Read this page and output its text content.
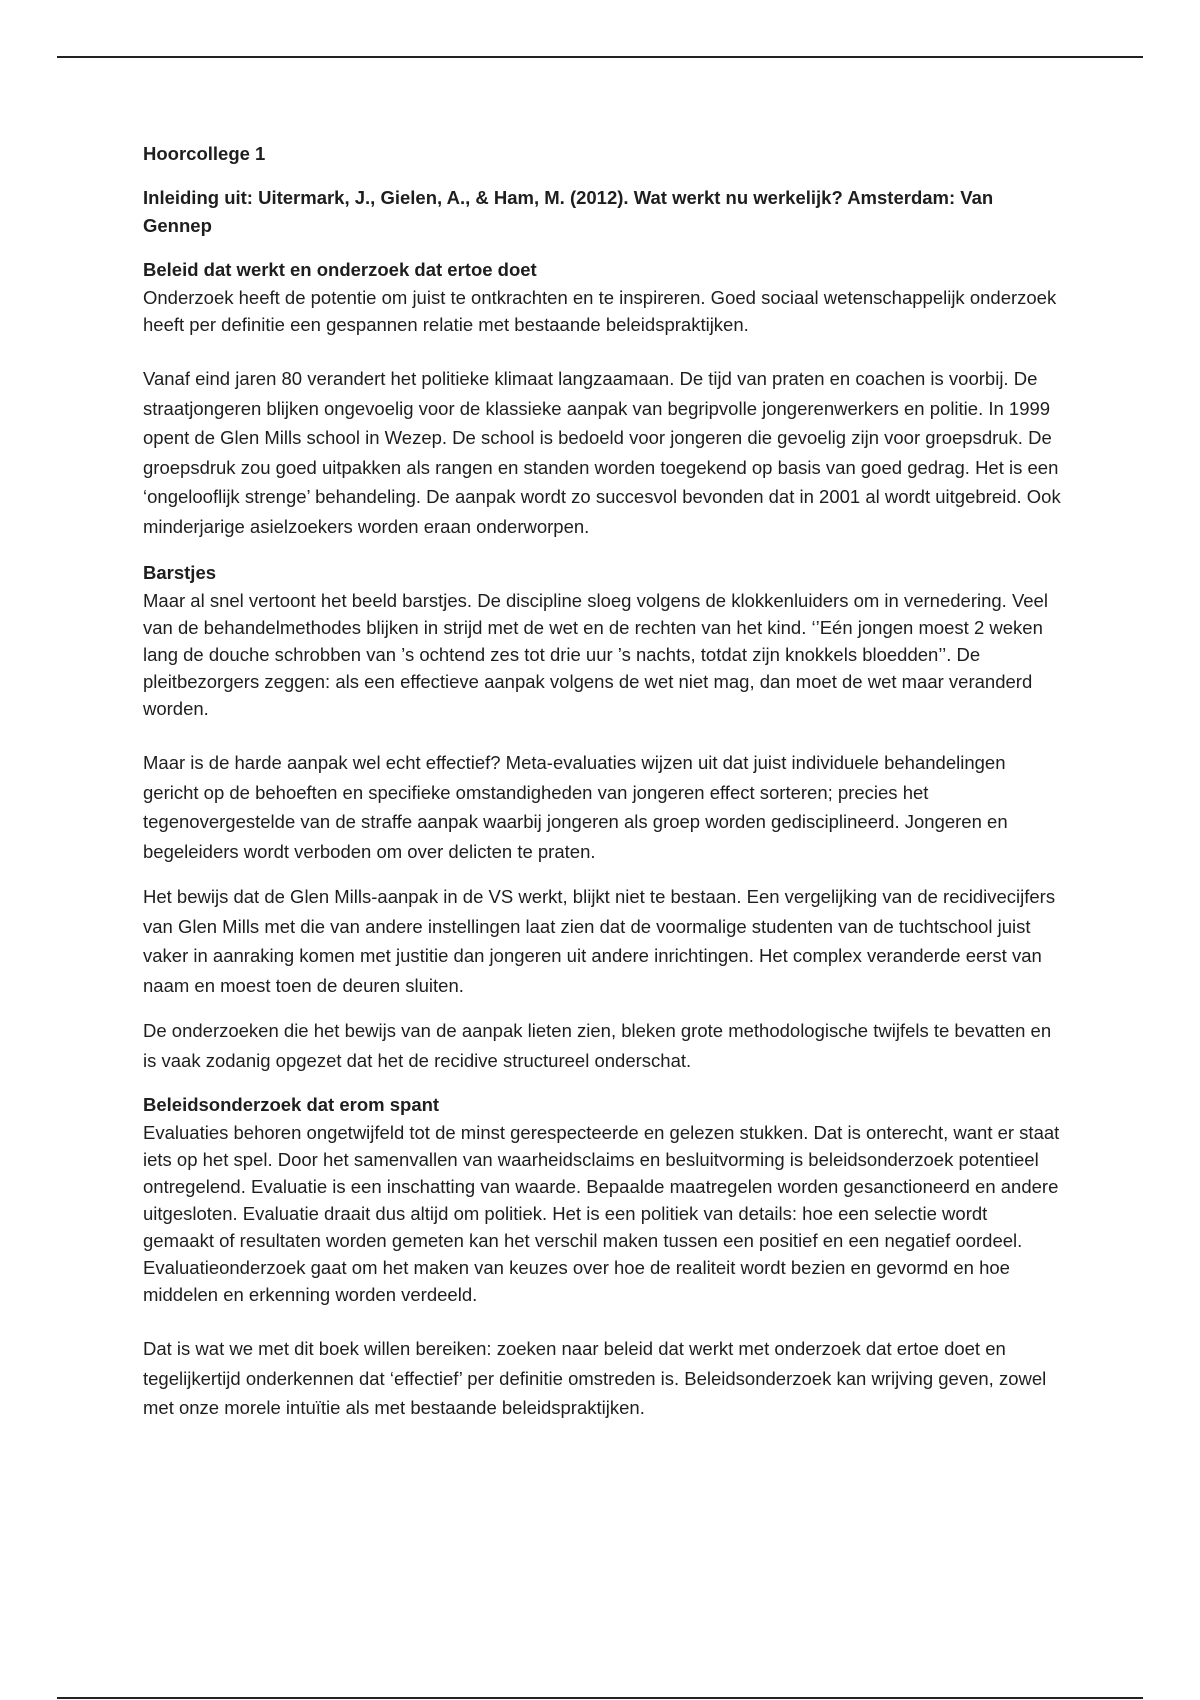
Hoorcollege 1

Inleiding uit: Uitermark, J., Gielen, A., & Ham, M. (2012). Wat werkt nu werkelijk? Amsterdam: Van Gennep

Beleid dat werkt en onderzoek dat ertoe doet

Onderzoek heeft de potentie om juist te ontkrachten en te inspireren. Goed sociaal wetenschappelijk onderzoek heeft per definitie een gespannen relatie met bestaande beleidspraktijken.

Vanaf eind jaren 80 verandert het politieke klimaat langzaamaan. De tijd van praten en coachen is voorbij. De straatjongeren blijken ongevoelig voor de klassieke aanpak van begripvolle jongerenwerkers en politie. In 1999 opent de Glen Mills school in Wezep. De school is bedoeld voor jongeren die gevoelig zijn voor groepsdruk. De groepsdruk zou goed uitpakken als rangen en standen worden toegekend op basis van goed gedrag. Het is een ‘ongelooflijk strenge’ behandeling. De aanpak wordt zo succesvol bevonden dat in 2001 al wordt uitgebreid. Ook minderjarige asielzoekers worden eraan onderworpen.

Barstjes

Maar al snel vertoont het beeld barstjes. De discipline sloeg volgens de klokkenluiders om in vernedering. Veel van de behandelmethodes blijken in strijd met de wet en de rechten van het kind. ‘’Eén jongen moest 2 weken lang de douche schrobben van ’s ochtend zes tot drie uur ’s nachts, totdat zijn knokkels bloedden’’. De pleitbezorgers zeggen: als een effectieve aanpak volgens de wet niet mag, dan moet de wet maar veranderd worden.

Maar is de harde aanpak wel echt effectief? Meta-evaluaties wijzen uit dat juist individuele behandelingen gericht op de behoeften en specifieke omstandigheden van jongeren effect sorteren; precies het tegenovergestelde van de straffe aanpak waarbij jongeren als groep worden gedisciplineerd. Jongeren en begeleiders wordt verboden om over delicten te praten.

Het bewijs dat de Glen Mills-aanpak in de VS werkt, blijkt niet te bestaan. Een vergelijking van de recidivecijfers van Glen Mills met die van andere instellingen laat zien dat de voormalige studenten van de tuchtschool juist vaker in aanraking komen met justitie dan jongeren uit andere inrichtingen. Het complex veranderde eerst van naam en moest toen de deuren sluiten.

De onderzoeken die het bewijs van de aanpak lieten zien, bleken grote methodologische twijfels te bevatten en is vaak zodanig opgezet dat het de recidive structureel onderschat.

Beleidsonderzoek dat erom spant

Evaluaties behoren ongetwijfeld tot de minst gerespecteerde en gelezen stukken. Dat is onterecht, want er staat iets op het spel. Door het samenvallen van waarheidsclaims en besluitvorming is beleidsonderzoek potentieel ontregelend. Evaluatie is een inschatting van waarde. Bepaalde maatregelen worden gesanctioneerd en andere uitgesloten. Evaluatie draait dus altijd om politiek. Het is een politiek van details: hoe een selectie wordt gemaakt of resultaten worden gemeten kan het verschil maken tussen een positief en een negatief oordeel. Evaluatieonderzoek gaat om het maken van keuzes over hoe de realiteit wordt bezien en gevormd en hoe middelen en erkenning worden verdeeld.

Dat is wat we met dit boek willen bereiken: zoeken naar beleid dat werkt met onderzoek dat ertoe doet en tegelijkertijd onderkennen dat ‘effectief’ per definitie omstreden is. Beleidsonderzoek kan wrijving geven, zowel met onze morele intuïtie als met bestaande beleidspraktijken.
